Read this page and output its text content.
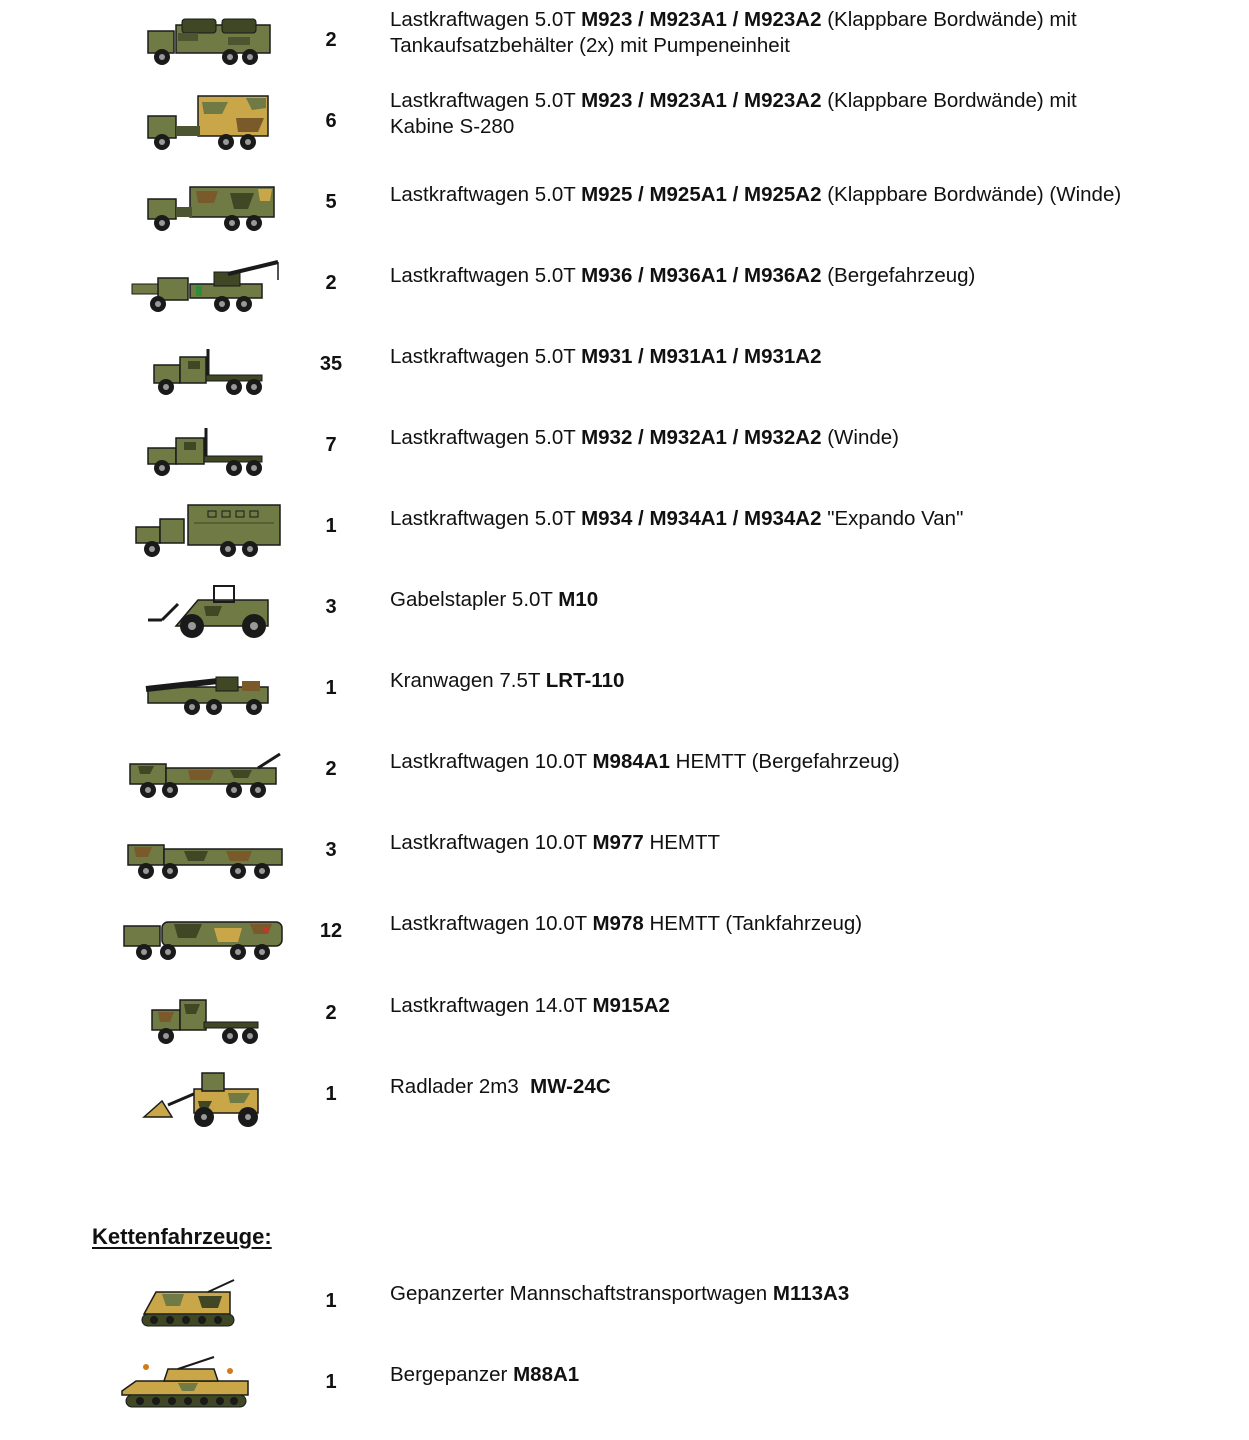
2
Lastkraftwagen 5.0T M923 / M923A1 / M923A2 (Klappbare Bordwände) mit
Tankaufsatzbehälter (2x) mit Pumpeneinheit
6
Lastkraftwagen 5.0T M923 / M923A1 / M923A2 (Klappbare Bordwände) mit
Kabine S-280
5	Lastkraftwagen 5.0T M925 / M925A1 / M925A2 (Klappbare Bordwände) (Winde)
2	Lastkraftwagen 5.0T M936 / M936A1 / M936A2 (Bergefahrzeug)
35	Lastkraftwagen 5.0T M931 / M931A1 / M931A2
7	Lastkraftwagen 5.0T M932 / M932A1 / M932A2 (Winde)
1	Lastkraftwagen 5.0T M934 / M934A1 / M934A2 "Expando Van"
3	Gabelstapler 5.0T M10
1	Kranwagen 7.5T LRT-110
2	Lastkraftwagen 10.0T M984A1 HEMTT (Bergefahrzeug)
3	Lastkraftwagen 10.0T M977 HEMTT
12	Lastkraftwagen 10.0T M978 HEMTT (Tankfahrzeug)
2	Lastkraftwagen 14.0T M915A2
1	Radlader 2m3  MW-24C
Kettenfahrzeuge:
1	Gepanzerter Mannschaftstransportwagen M113A3
1	Bergepanzer M88A1
